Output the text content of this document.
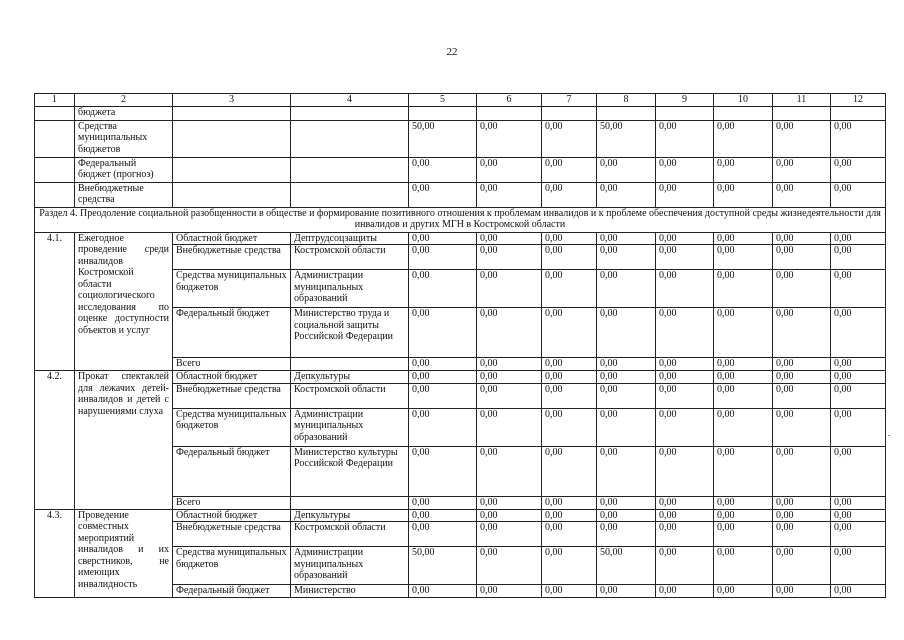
22
1	2	3	4	5	6	7	8	9	10	11	12
	бюджета										
	Средства муниципальных бюджетов			50,00	0,00	0,00	50,00	0,00	0,00	0,00	0,00
	Федеральный бюджет (прогноз)			0,00	0,00	0,00	0,00	0,00	0,00	0,00	0,00
	Внебюджетные средства			0,00	0,00	0,00	0,00	0,00	0,00	0,00	0,00
Раздел 4. Преодоление социальной разобщенности в обществе и формирование позитивного отношения к проблемам инвалидов и к проблеме обеспечения доступной среды жизнедеятельности для инвалидов и других МГН в Костромской области											
4.1.	Ежегодное проведение среди инвалидов Костромской области социологического исследования по оценке доступности объектов и услуг	Областной бюджет	Дептрудсоцзащиты	0,00	0,00	0,00	0,00	0,00	0,00	0,00	0,00
		Внебюджетные средства	Костромской области	0,00	0,00	0,00	0,00	0,00	0,00	0,00	0,00
		Средства муниципальных бюджетов	Администрации муниципальных образований	0,00	0,00	0,00	0,00	0,00	0,00	0,00	0,00
		Федеральный бюджет	Министерство труда и социальной защиты Российской Федерации	0,00	0,00	0,00	0,00	0,00	0,00	0,00	0,00
		Всего		0,00	0,00	0,00	0,00	0,00	0,00	0,00	0,00
4.2.	Прокат спектаклей для лежачих детей-инвалидов и детей с нарушениями слуха	Областной бюджет	Депкультуры	0,00	0,00	0,00	0,00	0,00	0,00	0,00	0,00
		Внебюджетные средства	Костромской области	0,00	0,00	0,00	0,00	0,00	0,00	0,00	0,00
		Средства муниципальных бюджетов	Администрации муниципальных образований	0,00	0,00	0,00	0,00	0,00	0,00	0,00	0,00
		Федеральный бюджет	Министерство культуры Российской Федерации	0,00	0,00	0,00	0,00	0,00	0,00	0,00	0,00
		Всего		0,00	0,00	0,00	0,00	0,00	0,00	0,00	0,00
4.3.	Проведение совместных мероприятий инвалидов и их сверстников, не имеющих инвалидность	Областной бюджет	Депкультуры	0,00	0,00	0,00	0,00	0,00	0,00	0,00	0,00
		Внебюджетные средства	Костромской области	0,00	0,00	0,00	0,00	0,00	0,00	0,00	0,00
		Средства муниципальных бюджетов	Администрации муниципальных образований	50,00	0,00	0,00	50,00	0,00	0,00	0,00	0,00
		Федеральный бюджет	Министерство	0,00	0,00	0,00	0,00	0,00	0,00	0,00	0,00
.
